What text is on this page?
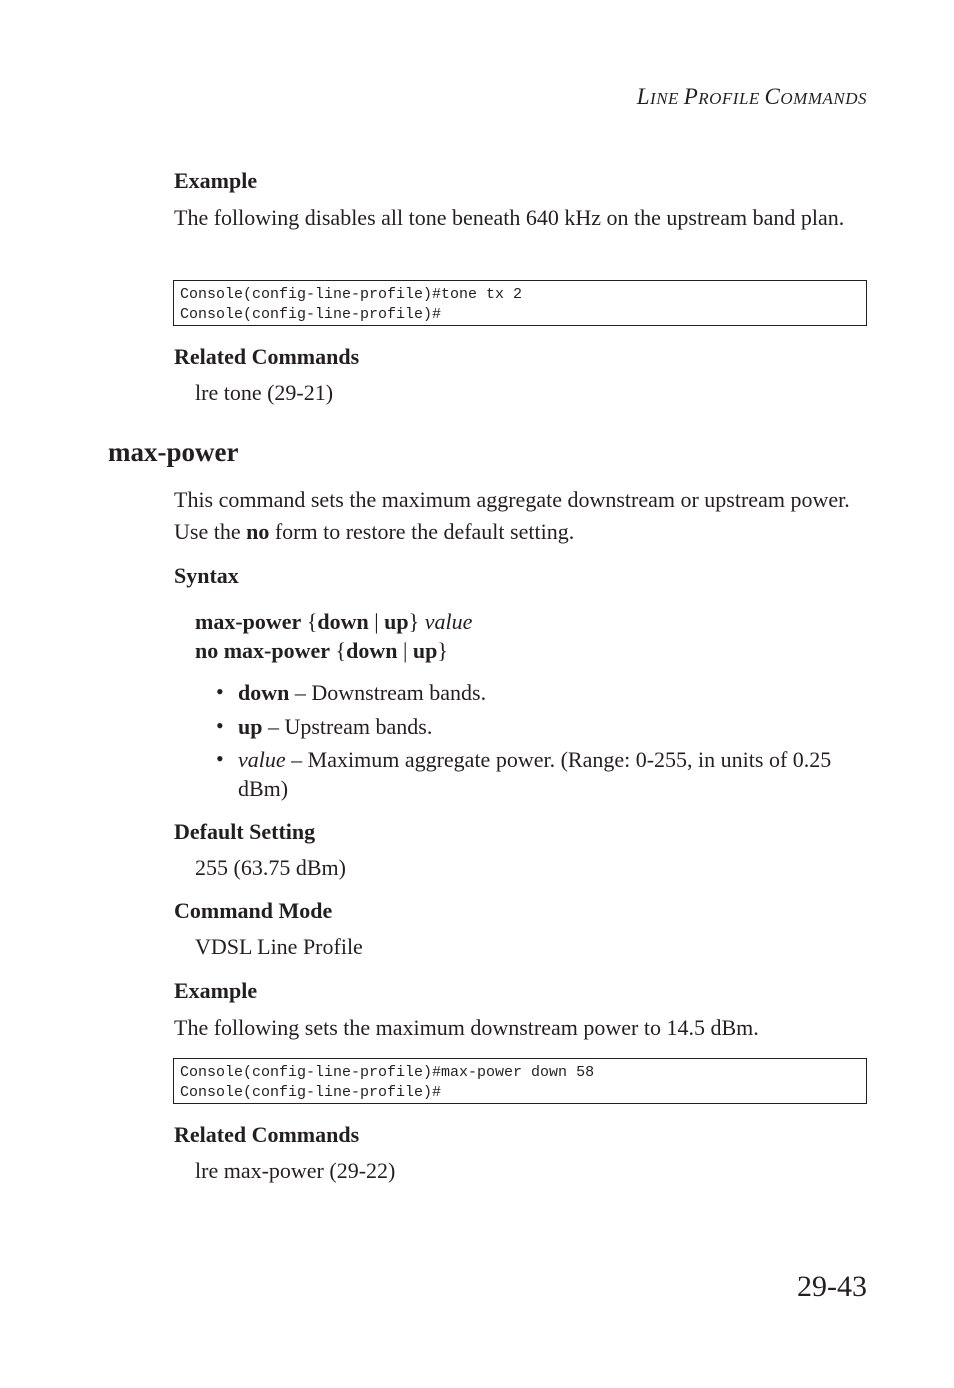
LINE PROFILE COMMANDS
Example
The following disables all tone beneath 640 kHz on the upstream band plan.
Console(config-line-profile)#tone tx 2
Console(config-line-profile)#
Related Commands
lre tone (29-21)
max-power
This command sets the maximum aggregate downstream or upstream power. Use the no form to restore the default setting.
Syntax
max-power {down | up} value
no max-power {down | up}
• down – Downstream bands.
• up – Upstream bands.
• value – Maximum aggregate power. (Range: 0-255, in units of 0.25 dBm)
Default Setting
255 (63.75 dBm)
Command Mode
VDSL Line Profile
Example
The following sets the maximum downstream power to 14.5 dBm.
Console(config-line-profile)#max-power down 58
Console(config-line-profile)#
Related Commands
lre max-power (29-22)
29-43
